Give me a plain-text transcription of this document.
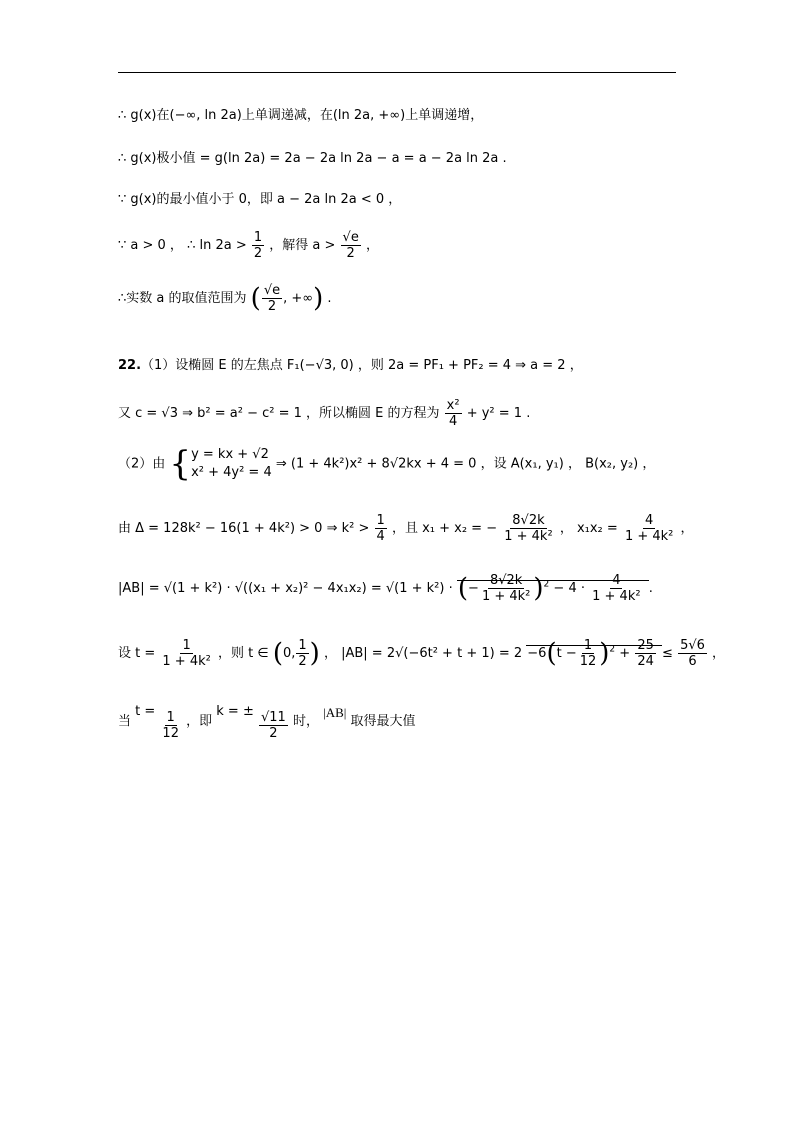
∴ g(x)在(−∞, ln 2a)上单调递减，在(ln 2a, +∞)上单调递增，
∴ g(x)极小值 = g(ln 2a) = 2a − 2a ln 2a − a = a − 2a ln 2a .
∵ g(x)的最小值小于 0，即 a − 2a ln 2a < 0 ，
∵ a > 0 ， ∴ $\ln 2a > \frac{1}{2}$ ，解得 $a > \frac{√e}{2}$ ，
∴实数 a 的取值范围为 ( $\frac{√e}{2}$ , +∞) .
22.（1）设椭圆 E 的左焦点 F₁(−√3, 0) ，则 2a = PF₁ + PF₂ = 4 ⇒ a = 2 ，
又 c = √3 ⇒ b² = a² − c² = 1 ，所以椭圆 E 的方程为 $\frac{\text{x²}}{4} + y^2 = 1$ .
（2）由 { y = kx + √2
x² + 4y² = 4
⇒ (1 + 4k²)x² + 8√2kx + 4 = 0 ，设 A(x₁, y₁) ， B(x₂, y₂) ，
由 Δ = 128k² − 16(1 + 4k²) > 0 ⇒ $k^2 > \frac{1}{4}$ ，且 x₁ + x₂ = − $\frac{8√2k}{\text{1 + 4k²}}$ ， $x_1x_2 = \frac{4}{\text{1 + 4k²}}$ ，
|AB| = √(1 + k²) · √((x₁ + x₂)² − 4x₁x₂) = √(1 + k²) · (− $\frac{8√2k}{\text{1 + 4k²}} )^2 - 4 \cdot \frac{4}{\text{1 + 4k²}}$ .
设 $t = \frac{1}{\text{1 + 4k²}}$ ，则 t ∈ (0, $\frac{1}{2}$ ) ， $|AB| = 2√(-6t^2 + t + 1) = 2 -6(t - \frac{1}{12} )^2 + \frac{25}{24} \le \frac{5√6}{6}$ ，
当 $t = \frac{1}{12}$ ，即 k = ± $\frac{√11}{2}$ 时， |AB| 取得最大值
